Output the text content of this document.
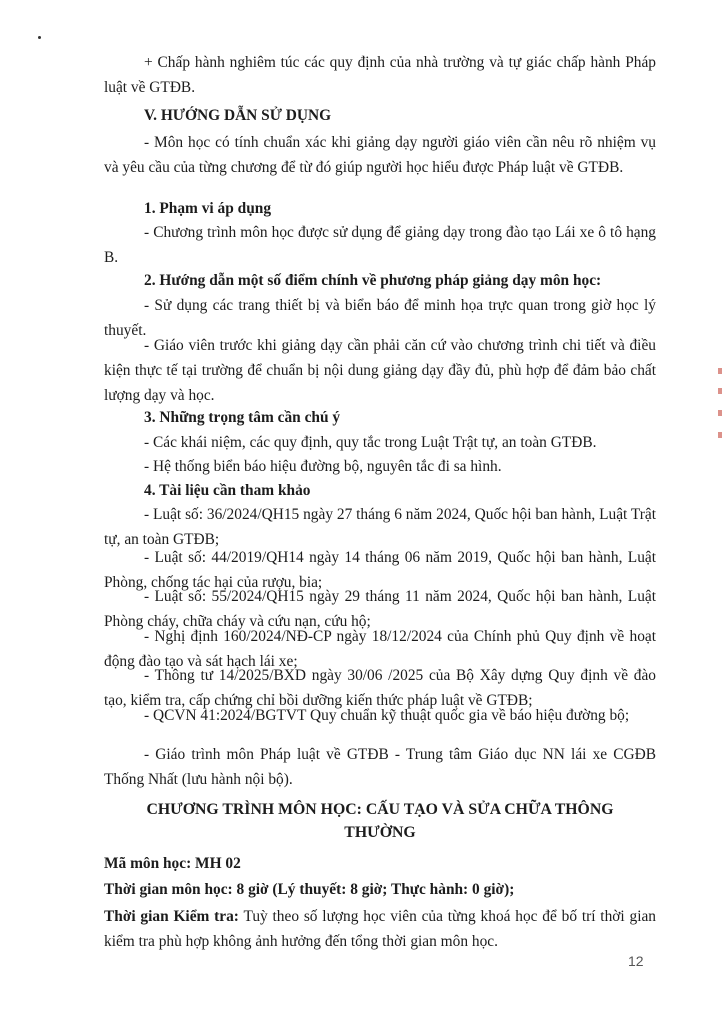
+ Chấp hành nghiêm túc các quy định của nhà trường và tự giác chấp hành Pháp luật về GTĐB.

V. HƯỚNG DẪN SỬ DỤNG

- Môn học có tính chuẩn xác khi giảng dạy người giáo viên cần nêu rõ nhiệm vụ và yêu cầu của từng chương để từ đó giúp người học hiểu được Pháp luật về GTĐB.

1. Phạm vi áp dụng

- Chương trình môn học được sử dụng để giảng dạy trong đào tạo Lái xe ô tô hạng B.

2. Hướng dẫn một số điểm chính về phương pháp giảng dạy môn học:

- Sử dụng các trang thiết bị và biển báo để minh họa trực quan trong giờ học lý thuyết.

- Giáo viên trước khi giảng dạy cần phải căn cứ vào chương trình chi tiết và điều kiện thực tế tại trường để chuẩn bị nội dung giảng dạy đầy đủ, phù hợp để đảm bảo chất lượng dạy và học.

3. Những trọng tâm cần chú ý

- Các khái niệm, các quy định, quy tắc trong Luật Trật tự, an toàn GTĐB.

- Hệ thống biển báo hiệu đường bộ, nguyên tắc đi sa hình.

4. Tài liệu cần tham khảo

- Luật số: 36/2024/QH15 ngày 27 tháng 6 năm 2024, Quốc hội ban hành, Luật Trật tự, an toàn GTĐB;

- Luật số: 44/2019/QH14 ngày 14 tháng 06 năm 2019, Quốc hội ban hành, Luật Phòng, chống tác hại của rượu, bia;

- Luật số: 55/2024/QH15 ngày 29 tháng 11 năm 2024, Quốc hội ban hành, Luật Phòng cháy, chữa cháy và cứu nạn, cứu hộ;

- Nghị định 160/2024/NĐ-CP ngày 18/12/2024 của Chính phủ Quy định về hoạt động đào tạo và sát hạch lái xe;

- Thông tư 14/2025/BXD ngày 30/06 /2025 của Bộ Xây dựng Quy định về đào tạo, kiểm tra, cấp chứng chỉ bồi dưỡng kiến thức pháp luật về GTĐB;

- QCVN 41:2024/BGTVT Quy chuẩn kỹ thuật quốc gia về báo hiệu đường bộ;

- Giáo trình môn Pháp luật về GTĐB - Trung tâm Giáo dục NN lái xe CGĐB Thống Nhất (lưu hành nội bộ).

CHƯƠNG TRÌNH MÔN HỌC: CẤU TẠO VÀ SỬA CHỮA THÔNG THƯỜNG

Mã môn học: MH 02

Thời gian môn học: 8 giờ (Lý thuyết: 8 giờ; Thực hành: 0 giờ);

Thời gian Kiểm tra: Tuỳ theo số lượng học viên của từng khoá học để bố trí thời gian kiểm tra phù hợp không ảnh hưởng đến tổng thời gian môn học.

12
